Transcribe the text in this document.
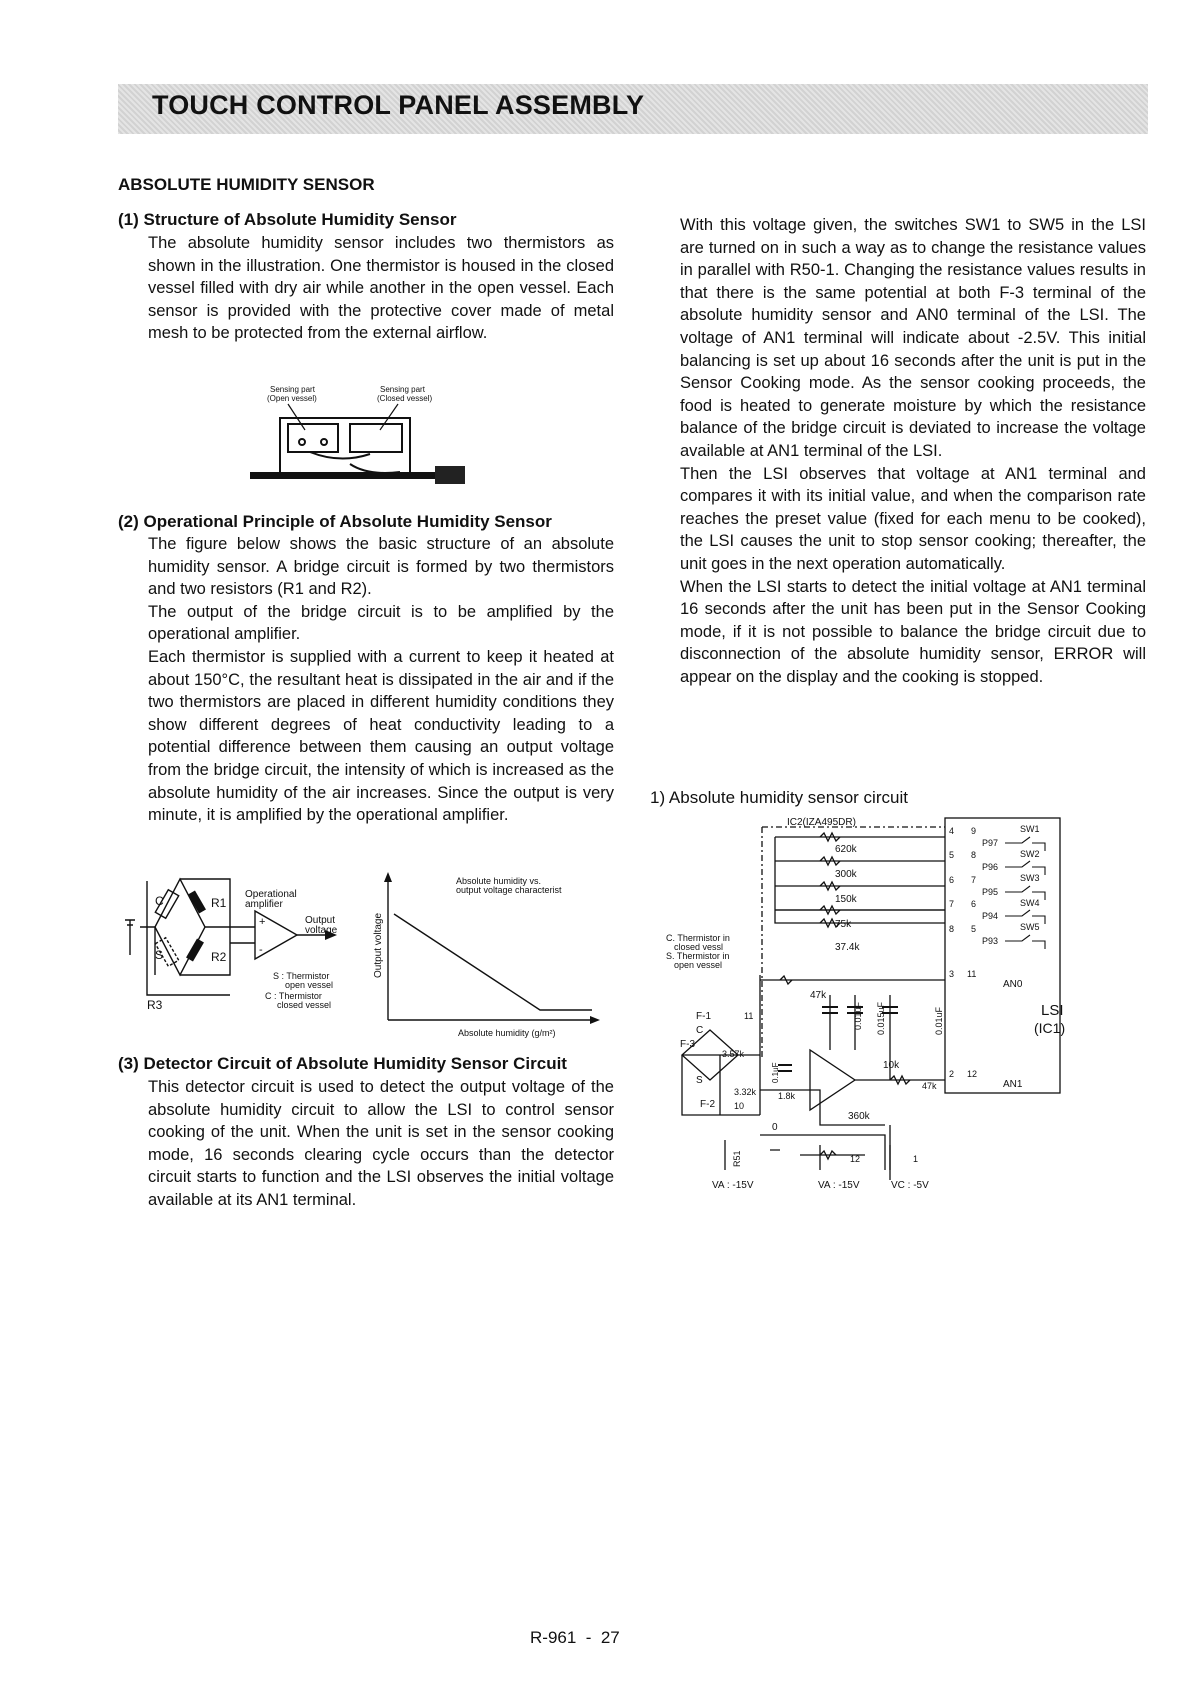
TOUCH CONTROL PANEL ASSEMBLY
ABSOLUTE HUMIDITY SENSOR
(1) Structure of Absolute Humidity Sensor

The absolute humidity sensor includes two thermistors as shown in the illustration. One thermistor is housed in the closed vessel filled with dry air while another in the open vessel. Each sensor is provided with the protective cover made of metal mesh to be protected from the external airflow.

Sensing part
(Open vessel)
Sensing part
(Closed vessel)
(2) Operational Principle of Absolute Humidity Sensor

The figure below shows the basic structure of an absolute humidity sensor. A bridge circuit is formed by two thermistors and two resistors (R1 and R2).

The output of the bridge circuit is to be amplified by the operational amplifier.

Each thermistor is supplied with a current to keep it heated at about 150°C, the resultant heat is dissipated in the air and if the two thermistors are placed in different humidity conditions they show different degrees of heat conductivity leading to a potential difference between them causing an output voltage from the bridge circuit, the intensity of which is increased as the absolute humidity of the air increases. Since the output is very minute, it is amplified by the operational amplifier.

C	R1
S	R2
R3
Operational
amplifier
+
-
Output
voltage
S : Thermistor
open vessel
C : Thermistor
closed vessel
Absolute humidity vs.
output voltage characterist
Output voltage
Absolute humidity (g/m²)
(3) Detector Circuit of Absolute Humidity Sensor Circuit

This detector circuit is used to detect the output voltage of the absolute humidity circuit to allow the LSI to control sensor cooking of the unit. When the unit is set in the sensor cooking mode, 16 seconds clearing cycle occurs than the detector circuit starts to function and the LSI observes the initial voltage available at its AN1 terminal.

With this voltage given, the switches SW1 to SW5 in the LSI are turned on in such a way as to change the resistance values in parallel with R50-1. Changing the resistance values results in that there is the same potential at both F-3 terminal of the absolute humidity sensor and AN0 terminal of the LSI. The voltage of AN1 terminal will indicate about -2.5V. This initial balancing is set up about 16 seconds after the unit is put in the Sensor Cooking mode. As the sensor cooking proceeds, the food is heated to generate moisture by which the resistance balance of the bridge circuit is deviated to increase the voltage available at AN1 terminal of the LSI.

Then the LSI observes that voltage at AN1 terminal and compares it with its initial value, and when the comparison rate reaches the preset value (fixed for each menu to be cooked), the LSI causes the unit to stop sensor cooking; thereafter, the unit goes in the next operation automatically.

When the LSI starts to detect the initial voltage at AN1 terminal 16 seconds after the unit has been put in the Sensor Cooking mode, if it is not possible to balance the bridge circuit due to disconnection of the absolute humidity sensor, ERROR will appear on the display and the cooking is stopped.

1) Absolute humidity sensor circuit
IC2(IZA495DR)
620k
300k
150k
75k
37.4k
47k
0.01uF 0.015uF	0.01uF
0.1uF
3.57k
3.32k 1.8k
10k
47k
360k
R51
F-1
F-2
F-3
C
S
11
10
12	1
0
4
5
6
7
8
3
2
9
8
7
6
5
11
12
P97
P96
P95
P94
P93
SW1
SW2
SW3
SW4
SW5
AN0
AN1
LSI
(IC1)
C. Thermistor in
closed vessl
S. Thermistor in
open vessel
VA : -15V	VA : -15V	VC : -5V
R-961  -  27
